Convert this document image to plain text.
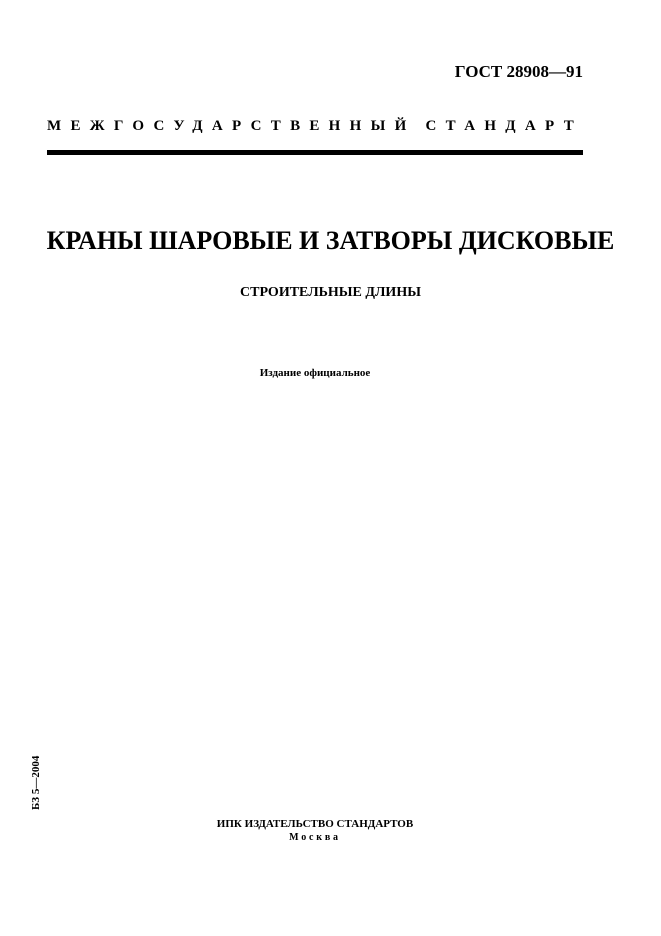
ГОСТ 28908—91
МЕЖГОСУДАРСТВЕННЫЙ СТАНДАРТ
КРАНЫ ШАРОВЫЕ И ЗАТВОРЫ ДИСКОВЫЕ
СТРОИТЕЛЬНЫЕ ДЛИНЫ
Издание официальное
БЗ 5—2004
ИПК ИЗДАТЕЛЬСТВО СТАНДАРТОВ
Москва
